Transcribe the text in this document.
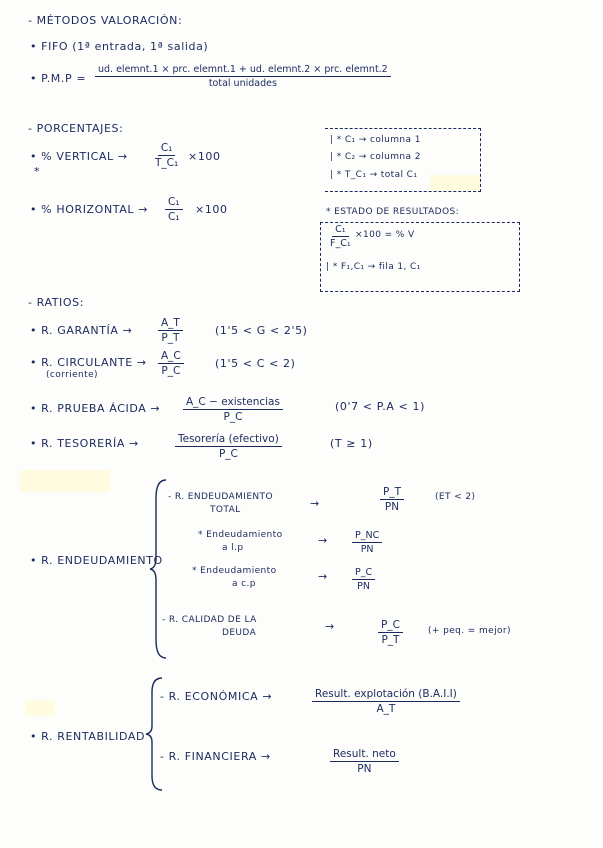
- MÉTODOS VALORACIÓN:
• FIFO (1ª entrada, 1ª salida)
• P.M.P =
ud. elemnt.1 × prc. elemnt.1 + ud. elemnt.2 × prc. elemnt.2
total unidades
- PORCENTAJES:
• % VERTICAL →	$\frac{\text{C₁}}{\text{T\_C₁}} \times 100$
*
• % HORIZONTAL → $\frac{\text{C₁}}{\text{C₁}} \times 100$
| * C₁ → columna 1
| * C₂ → columna 2
| * T_C₁ → total C₁
* ESTADO DE RESULTADOS:
$\frac{\text{C₁}}{\text{F\_C₁}} \times 100$ = % V
| * F₁,C₁ → fila 1, C₁
- RATIOS:
• R. GARANTÍA → $\frac{A\_T}{P\_T}$	(1'5 < G < 2'5)
• R. CIRCULANTE →
(corriente)	$\frac{A\_C}{P\_C}$	(1'5 < C < 2)
• R. PRUEBA ÁCIDA → A_C − existencias
P_C
(0'7 < P.A < 1)
• R. TESORERÍA →	Tesorería (efectivo)
P_C
(T ≥ 1)
• R. ENDEUDAMIENTO
- R. ENDEUDAMIENTO
TOTAL	→	$\frac{P\_T}{PN}$	(ET < 2)
* Endeudamiento
a l.p
→	$\frac{P\_NC}{PN}$
* Endeudamiento
a c.p
→	$\frac{P\_C}{PN}$
- R. CALIDAD DE LA
DEUDA	→	$\frac{P\_C}{P\_T}$	(+ peq. = mejor)
• R. RENTABILIDAD
- R. ECONÓMICA →	Result. explotación (B.A.I.I)
A_T
- R. FINANCIERA →	Result. neto
PN
